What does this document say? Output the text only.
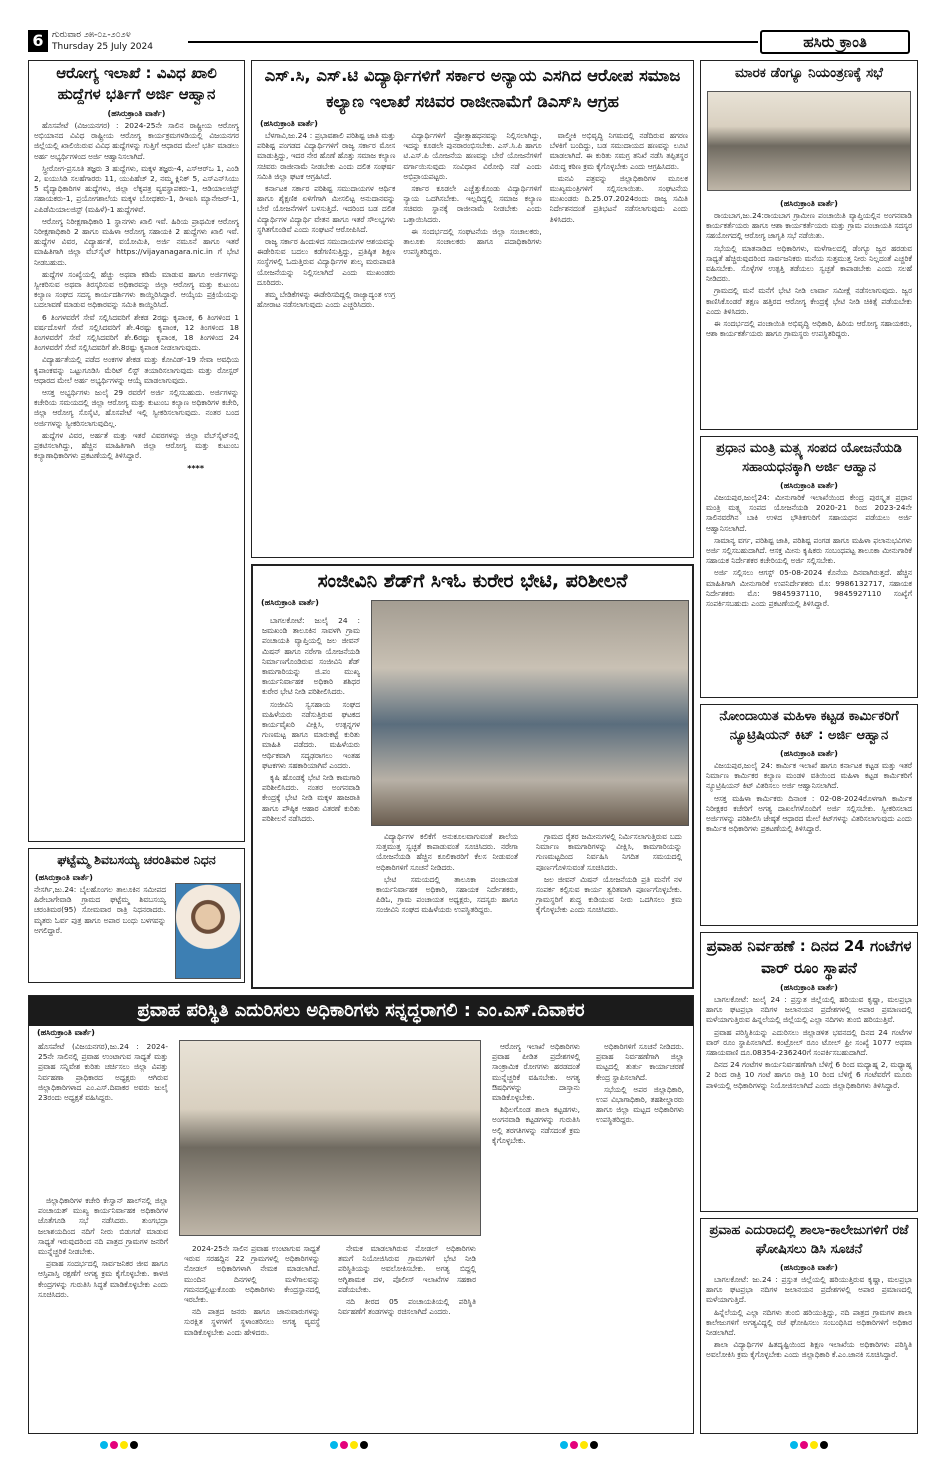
6 ಗುರುವಾರ ೨೫-೦೭-೨೦೨೪
Thursday 25 July 2024	ಹಸಿರು ಕ್ರಾಂತಿ
ಆರೋಗ್ಯ ಇಲಾಖೆ : ವಿವಿಧ ಖಾಲಿ ಹುದ್ದೆಗಳ ಭರ್ತಿಗೆ ಅರ್ಜಿ ಆಹ್ವಾನ
(ಹಸಿರುಕ್ರಾಂತಿ ವಾರ್ತೆ)

ಹೊಸಪೇಟೆ (ವಿಜಯನಗರ) : 2024-25ನೇ ಸಾಲಿನ ರಾಷ್ಟ್ರೀಯ ಆರೋಗ್ಯ ಅಭಿಯಾನದ ವಿವಿಧ ರಾಷ್ಟ್ರೀಯ ಆರೋಗ್ಯ ಕಾರ್ಯಕ್ರಮಗಳಡಿಯಲ್ಲಿ ವಿಜಯನಗರ ಜಿಲ್ಲೆಯಲ್ಲಿ ಖಾಲಿಯಿರುವ ವಿವಿಧ ಹುದ್ದೆಗಳನ್ನು ಗುತ್ತಿಗೆ ಆಧಾರದ ಮೇಲೆ ಭರ್ತಿ ಮಾಡಲು ಅರ್ಹ ಅಭ್ಯರ್ಥಿಗಳಿಂದ ಅರ್ಜಿ ಆಹ್ವಾನಿಸಲಾಗಿದೆ.

ಸ್ತ್ರೀರೋಗ-ಪ್ರಸೂತಿ ತಜ್ಞರು 3 ಹುದ್ದೆಗಳು, ಮಕ್ಕಳ ತಜ್ಞರು-4, ಎಸ್‌ಆರ್‌ಒ 1, ಎಂಡಿ 2, ಐಯುಸಿಡಿ ಸಲಹೆಗಾರರು 11, ಯುಪಿಹೆಚ್ 2, ನಮ್ಮ ಕ್ಲಿನಿಕ್ 5, ಎಸ್‌ಎನ್‌ಸಿಯು 5 ವೈದ್ಯಾಧಿಕಾರಿಗಳ ಹುದ್ದೆಗಳು, ಜಿಲ್ಲಾ ಲೆಕ್ಕಪತ್ರ ವ್ಯವಸ್ಥಾಪಕರು-1, ಆಡಿಯಾಲಜಿಸ್ಟ್ ಸಹಾಯಕರು-1, ಪ್ರಯೋಗಶಾಲೆಯ ಮಕ್ಕಳ ಬೋಧಕರು-1, ಡಿಇಐಸಿ ಮ್ಯಾನೇಜರ್-1, ಎಪಿಡೆಮಿಯಾಲಜಿಸ್ಟ್ (ಮಹಿಳೆ)-1 ಹುದ್ದೆಗಳಿವೆ.

ಆರೋಗ್ಯ ನಿರೀಕ್ಷಣಾಧಿಕಾರಿ 1 ಸ್ಥಾನಗಳು ಖಾಲಿ ಇವೆ. ಹಿರಿಯ ಪ್ರಾಥಮಿಕ ಆರೋಗ್ಯ ನಿರೀಕ್ಷಣಾಧಿಕಾರಿ 2 ಹಾಗೂ ಮಹಿಳಾ ಆರೋಗ್ಯ ಸಹಾಯಕಿ 2 ಹುದ್ದೆಗಳು ಖಾಲಿ ಇವೆ. ಹುದ್ದೆಗಳ ವಿವರ, ವಿದ್ಯಾರ್ಹತೆ, ವಯೋಮಿತಿ, ಅರ್ಜಿ ನಮೂನೆ ಹಾಗೂ ಇತರೆ ಮಾಹಿತಿಗಾಗಿ ಜಿಲ್ಲಾ ವೆಬ್‌ಸೈಟ್ https://vijayanagara.nic.in ಗೆ ಭೇಟಿ ನೀಡಬಹುದು.

ಹುದ್ದೆಗಳ ಸಂಖ್ಯೆಯಲ್ಲಿ ಹೆಚ್ಚು ಅಥವಾ ಕಡಿಮೆ ಮಾಡುವ ಹಾಗೂ ಅರ್ಜಿಗಳನ್ನು ಸ್ವೀಕರಿಸುವ ಅಥವಾ ತಿರಸ್ಕರಿಸುವ ಅಧಿಕಾರವನ್ನು ಜಿಲ್ಲಾ ಆರೋಗ್ಯ ಮತ್ತು ಕುಟುಂಬ ಕಲ್ಯಾಣ ಸಂಘದ ಸದಸ್ಯ ಕಾರ್ಯದರ್ಶಿಗಳು ಕಾಯ್ದಿರಿಸಿದ್ದಾರೆ. ಆಯ್ಕೆಯ ಪ್ರಕ್ರಿಯೆಯನ್ನು ಬದಲಾವಣೆ ಮಾಡುವ ಅಧಿಕಾರವನ್ನು ಸಮಿತಿ ಕಾಯ್ದಿರಿಸಿದೆ.

6 ತಿಂಗಳವರೆಗೆ ಸೇವೆ ಸಲ್ಲಿಸಿದವರಿಗೆ ಶೇಕಡ 2ರಷ್ಟು ಕೃಪಾಂಕ, 6 ತಿಂಗಳಿಂದ 1 ವರ್ಷದೊಳಗೆ ಸೇವೆ ಸಲ್ಲಿಸಿದವರಿಗೆ ಶೇ.4ರಷ್ಟು ಕೃಪಾಂಕ, 12 ತಿಂಗಳಿಂದ 18 ತಿಂಗಳವರೆಗೆ ಸೇವೆ ಸಲ್ಲಿಸಿದವರಿಗೆ ಶೇ.6ರಷ್ಟು ಕೃಪಾಂಕ, 18 ತಿಂಗಳಿಂದ 24 ತಿಂಗಳವರೆಗೆ ಸೇವೆ ಸಲ್ಲಿಸಿದವರಿಗೆ ಶೇ.8ರಷ್ಟು ಕೃಪಾಂಕ ನೀಡಲಾಗುವುದು.

ವಿದ್ಯಾರ್ಹತೆಯಲ್ಲಿ ಪಡೆದ ಅಂಕಗಳ ಶೇಕಡ ಮತ್ತು ಕೋವಿಡ್-19 ಸೇವಾ ಅವಧಿಯ ಕೃಪಾಂಕವನ್ನು ಒಟ್ಟುಗೂಡಿಸಿ ಮೆರಿಟ್ ಲಿಸ್ಟ್ ತಯಾರಿಸಲಾಗುವುದು ಮತ್ತು ರೋಸ್ಟರ್ ಆಧಾರದ ಮೇಲೆ ಅರ್ಹ ಅಭ್ಯರ್ಥಿಗಳನ್ನು ಆಯ್ಕೆ ಮಾಡಲಾಗುವುದು.

ಆಸಕ್ತ ಅಭ್ಯರ್ಥಿಗಳು ಜುಲೈ 29 ರವರೆಗೆ ಅರ್ಜಿ ಸಲ್ಲಿಸಬಹುದು. ಅರ್ಜಿಗಳನ್ನು ಕಚೇರಿಯ ಸಮಯದಲ್ಲಿ ಜಿಲ್ಲಾ ಆರೋಗ್ಯ ಮತ್ತು ಕುಟುಂಬ ಕಲ್ಯಾಣ ಅಧಿಕಾರಿಗಳ ಕಚೇರಿ, ಜಿಲ್ಲಾ ಆರೋಗ್ಯ ಸೊಸೈಟಿ, ಹೊಸಪೇಟೆ ಇಲ್ಲಿ ಸ್ವೀಕರಿಸಲಾಗುವುದು. ನಂತರ ಬಂದ ಅರ್ಜಿಗಳನ್ನು ಸ್ವೀಕರಿಸಲಾಗುವುದಿಲ್ಲ.

ಹುದ್ದೆಗಳ ವಿವರ, ಅರ್ಹತೆ ಮತ್ತು ಇತರೆ ವಿವರಗಳನ್ನು ಜಿಲ್ಲಾ ವೆಬ್‌ಸೈಟ್‌ನಲ್ಲಿ ಪ್ರಕಟಿಸಲಾಗಿದ್ದು, ಹೆಚ್ಚಿನ ಮಾಹಿತಿಗಾಗಿ ಜಿಲ್ಲಾ ಆರೋಗ್ಯ ಮತ್ತು ಕುಟುಂಬ ಕಲ್ಯಾಣಾಧಿಕಾರಿಗಳು ಪ್ರಕಟಣೆಯಲ್ಲಿ ತಿಳಿಸಿದ್ದಾರೆ.

****
ಘಟ್ಟೆಮ್ಮ ಶಿವಬಸಯ್ಯ ಚರಂತಿಮಠ ನಿಧನ
(ಹಸಿರುಕ್ರಾಂತಿ ವಾರ್ತೆ)
ನೇಸರ್ಗಿ,ಜು.24: ಬೈಲಹೊಂಗಲ ತಾಲೂಕಿನ ಸಮೀಪದ ಹಿರೇಬಾಗೇವಾಡಿ ಗ್ರಾಮದ ಘಟ್ಟೆಮ್ಮ ಶಿವಬಸಯ್ಯ ಚರಂತಿಮಠ(95) ಸೋಮವಾರ ರಾತ್ರಿ ನಿಧನರಾದರು. ಮೃತರು ಓರ್ವ ಪುತ್ರ ಹಾಗೂ ಅಪಾರ ಬಂಧು ಬಳಗವನ್ನು ಅಗಲಿದ್ದಾರೆ.
ಎಸ್.ಸಿ, ಎಸ್.ಟಿ ವಿದ್ಯಾರ್ಥಿಗಳಿಗೆ ಸರ್ಕಾರ ಅನ್ಯಾಯ ಎಸಗಿದ ಆರೋಪ ಸಮಾಜ ಕಲ್ಯಾಣ ಇಲಾಖೆ ಸಚಿವರ ರಾಜೀನಾಮೆಗೆ ಡಿಎಸ್‌ಸಿ ಆಗ್ರಹ
(ಹಸಿರುಕ್ರಾಂತಿ ವಾರ್ತೆ)

ಬೆಳಗಾವಿ,ಜು.24 : ಪ್ರಭಾವಶಾಲಿ ಪರಿಶಿಷ್ಟ ಜಾತಿ ಮತ್ತು ಪರಿಶಿಷ್ಟ ಪಂಗಡದ ವಿದ್ಯಾರ್ಥಿಗಳಿಗೆ ರಾಜ್ಯ ಸರ್ಕಾರ ಮೋಸ ಮಾಡುತ್ತಿದ್ದು, ಇದರ ನೇರ ಹೊಣೆ ಹೊತ್ತು ಸಮಾಜ ಕಲ್ಯಾಣ ಸಚಿವರು ರಾಜೀನಾಮೆ ನೀಡಬೇಕು ಎಂದು ದಲಿತ ಸಂಘರ್ಷ ಸಮಿತಿ ಜಿಲ್ಲಾ ಘಟಕ ಆಗ್ರಹಿಸಿದೆ.

ಕರ್ನಾಟಕ ಸರ್ಕಾರ ಪರಿಶಿಷ್ಟ ಸಮುದಾಯಗಳ ಆರ್ಥಿಕ ಹಾಗೂ ಶೈಕ್ಷಣಿಕ ಏಳಿಗೆಗಾಗಿ ಮೀಸಲಿಟ್ಟ ಅನುದಾನವನ್ನು ಬೇರೆ ಯೋಜನೆಗಳಿಗೆ ಬಳಸುತ್ತಿದೆ. ಇದರಿಂದ ಬಡ ದಲಿತ ವಿದ್ಯಾರ್ಥಿಗಳ ವಿದ್ಯಾರ್ಥಿ ವೇತನ ಹಾಗೂ ಇತರೆ ಸೌಲಭ್ಯಗಳು ಸ್ಥಗಿತಗೊಂಡಿವೆ ಎಂದು ಸಂಘಟನೆ ಆರೋಪಿಸಿದೆ.

ರಾಜ್ಯ ಸರ್ಕಾರ ಹಿಂದುಳಿದ ಸಮುದಾಯಗಳ ಆಶಯವನ್ನು ಈಡೇರಿಸುವ ಬದಲು ಕಡೆಗಣಿಸುತ್ತಿದ್ದು, ಪ್ರತಿಷ್ಠಿತ ಶಿಕ್ಷಣ ಸಂಸ್ಥೆಗಳಲ್ಲಿ ಓದುತ್ತಿರುವ ವಿದ್ಯಾರ್ಥಿಗಳ ಶುಲ್ಕ ಮರುಪಾವತಿ ಯೋಜನೆಯನ್ನು ನಿಲ್ಲಿಸಲಾಗಿದೆ ಎಂದು ಮುಖಂಡರು ದೂರಿದರು.

ತಮ್ಮ ಬೇಡಿಕೆಗಳನ್ನು ಈಡೇರಿಸದಿದ್ದಲ್ಲಿ ರಾಜ್ಯಾದ್ಯಂತ ಉಗ್ರ ಹೋರಾಟ ನಡೆಸಲಾಗುವುದು ಎಂದು ಎಚ್ಚರಿಸಿದರು.

ವಿದ್ಯಾರ್ಥಿಗಳಿಗೆ ಪ್ರೋತ್ಸಾಹಧನವನ್ನು ನಿಲ್ಲಿಸಲಾಗಿದ್ದು, ಇದನ್ನು ಕೂಡಲೇ ಪುನರಾರಂಭಿಸಬೇಕು. ಎಸ್.ಸಿ.ಪಿ ಹಾಗೂ ಟಿ.ಎಸ್.ಪಿ ಯೋಜನೆಯ ಹಣವನ್ನು ಬೇರೆ ಯೋಜನೆಗಳಿಗೆ ವರ್ಗಾಯಿಸುವುದು ಸಂವಿಧಾನ ವಿರೋಧಿ ನಡೆ ಎಂದು ಅಭಿಪ್ರಾಯಪಟ್ಟರು.

ಸರ್ಕಾರ ಕೂಡಲೇ ಎಚ್ಚೆತ್ತುಕೊಂಡು ವಿದ್ಯಾರ್ಥಿಗಳಿಗೆ ನ್ಯಾಯ ಒದಗಿಸಬೇಕು. ಇಲ್ಲದಿದ್ದಲ್ಲಿ ಸಮಾಜ ಕಲ್ಯಾಣ ಸಚಿವರು ಸ್ಥಾನಕ್ಕೆ ರಾಜೀನಾಮೆ ನೀಡಬೇಕು ಎಂದು ಒತ್ತಾಯಿಸಿದರು.

ಈ ಸಂದರ್ಭದಲ್ಲಿ ಸಂಘಟನೆಯ ಜಿಲ್ಲಾ ಸಂಚಾಲಕರು, ತಾಲೂಕು ಸಂಚಾಲಕರು ಹಾಗೂ ಪದಾಧಿಕಾರಿಗಳು ಉಪಸ್ಥಿತರಿದ್ದರು.

ವಾಲ್ಮೀಕಿ ಅಭಿವೃದ್ಧಿ ನಿಗಮದಲ್ಲಿ ನಡೆದಿರುವ ಹಗರಣ ಬೆಳಕಿಗೆ ಬಂದಿದ್ದು, ಬಡ ಸಮುದಾಯದ ಹಣವನ್ನು ಲೂಟಿ ಮಾಡಲಾಗಿದೆ. ಈ ಕುರಿತು ಸಮಗ್ರ ತನಿಖೆ ನಡೆಸಿ ತಪ್ಪಿತಸ್ಥರ ವಿರುದ್ಧ ಕಠಿಣ ಕ್ರಮ ಕೈಗೊಳ್ಳಬೇಕು ಎಂದು ಆಗ್ರಹಿಸಿದರು.

ಮನವಿ ಪತ್ರವನ್ನು ಜಿಲ್ಲಾಧಿಕಾರಿಗಳ ಮೂಲಕ ಮುಖ್ಯಮಂತ್ರಿಗಳಿಗೆ ಸಲ್ಲಿಸಲಾಯಿತು. ಸಂಘಟನೆಯ ಮುಖಂಡರು ದಿ.25.07.2024ರಂದು ರಾಜ್ಯ ಸಮಿತಿ ನಿರ್ದೇಶನದಂತೆ ಪ್ರತಿಭಟನೆ ನಡೆಸಲಾಗುವುದು ಎಂದು ತಿಳಿಸಿದರು.

ಸಂಜೀವಿನಿ ಶೆಡ್‌ಗೆ ಸಿಇಓ ಕುರೇರ ಭೇಟಿ, ಪರಿಶೀಲನೆ
(ಹಸಿರುಕ್ರಾಂತಿ ವಾರ್ತೆ)

ಬಾಗಲಕೋಟೆ: ಜುಲೈ 24 : ಜಮಖಂಡಿ ತಾಲೂಕಿನ ಸಾವಳಗಿ ಗ್ರಾಮ ಪಂಚಾಯತಿ ವ್ಯಾಪ್ತಿಯಲ್ಲಿ ಜಲ ಜೀವನ್ ಮಿಷನ್ ಹಾಗೂ ನರೇಗಾ ಯೋಜನೆಯಡಿ ನಿರ್ಮಾಣಗೊಂಡಿರುವ ಸಂಜೀವಿನಿ ಶೆಡ್ ಕಾಮಗಾರಿಯನ್ನು ಜಿ.ಪಂ ಮುಖ್ಯ ಕಾರ್ಯನಿರ್ವಾಹಕ ಅಧಿಕಾರಿ ಶಶಿಧರ ಕುರೇರ ಭೇಟಿ ನೀಡಿ ಪರಿಶೀಲಿಸಿದರು.

ಸಂಜೀವಿನಿ ಸ್ವಸಹಾಯ ಸಂಘದ ಮಹಿಳೆಯರು ನಡೆಸುತ್ತಿರುವ ಘಟಕದ ಕಾರ್ಯವೈಖರಿ ವೀಕ್ಷಿಸಿ, ಉತ್ಪನ್ನಗಳ ಗುಣಮಟ್ಟ ಹಾಗೂ ಮಾರುಕಟ್ಟೆ ಕುರಿತು ಮಾಹಿತಿ ಪಡೆದರು. ಮಹಿಳೆಯರು ಆರ್ಥಿಕವಾಗಿ ಸದೃಢರಾಗಲು ಇಂತಹ ಘಟಕಗಳು ಸಹಕಾರಿಯಾಗಿವೆ ಎಂದರು.

ಕೃಷಿ ಹೊಂಡಕ್ಕೆ ಭೇಟಿ ನೀಡಿ ಕಾಮಗಾರಿ ಪರಿಶೀಲಿಸಿದರು. ನಂತರ ಅಂಗನವಾಡಿ ಕೇಂದ್ರಕ್ಕೆ ಭೇಟಿ ನೀಡಿ ಮಕ್ಕಳ ಹಾಜರಾತಿ ಹಾಗೂ ಪೌಷ್ಠಿಕ ಆಹಾರ ವಿತರಣೆ ಕುರಿತು ಪರಿಶೀಲನೆ ನಡೆಸಿದರು.

ವಿದ್ಯಾರ್ಥಿಗಳ ಕಲಿಕೆಗೆ ಅನುಕೂಲವಾಗುವಂತೆ ಶಾಲೆಯ ಸುತ್ತಮುತ್ತ ಸ್ವಚ್ಛತೆ ಕಾಪಾಡುವಂತೆ ಸೂಚಿಸಿದರು. ನರೇಗಾ ಯೋಜನೆಯಡಿ ಹೆಚ್ಚಿನ ಕೂಲಿಕಾರರಿಗೆ ಕೆಲಸ ನೀಡುವಂತೆ ಅಧಿಕಾರಿಗಳಿಗೆ ಸೂಚನೆ ನೀಡಿದರು.

ಭೇಟಿ ಸಮಯದಲ್ಲಿ ತಾಲೂಕಾ ಪಂಚಾಯತ ಕಾರ್ಯನಿರ್ವಾಹಕ ಅಧಿಕಾರಿ, ಸಹಾಯಕ ನಿರ್ದೇಶಕರು, ಪಿಡಿಓ, ಗ್ರಾಮ ಪಂಚಾಯತ ಅಧ್ಯಕ್ಷರು, ಸದಸ್ಯರು ಹಾಗೂ ಸಂಜೀವಿನಿ ಸಂಘದ ಮಹಿಳೆಯರು ಉಪಸ್ಥಿತರಿದ್ದರು.

ಗ್ರಾಮದ ರೈತರ ಜಮೀನುಗಳಲ್ಲಿ ನಿರ್ಮಿಸಲಾಗುತ್ತಿರುವ ಬದು ನಿರ್ಮಾಣ ಕಾಮಗಾರಿಗಳನ್ನು ವೀಕ್ಷಿಸಿ, ಕಾಮಗಾರಿಯನ್ನು ಗುಣಮಟ್ಟದಿಂದ ನಿರ್ವಹಿಸಿ ನಿಗದಿತ ಸಮಯದಲ್ಲಿ ಪೂರ್ಣಗೊಳಿಸುವಂತೆ ಸೂಚಿಸಿದರು.

ಜಲ ಜೀವನ್ ಮಿಷನ್ ಯೋಜನೆಯಡಿ ಪ್ರತಿ ಮನೆಗೆ ನಳ ಸಂಪರ್ಕ ಕಲ್ಪಿಸುವ ಕಾರ್ಯ ತ್ವರಿತವಾಗಿ ಪೂರ್ಣಗೊಳ್ಳಬೇಕು. ಗ್ರಾಮಸ್ಥರಿಗೆ ಶುದ್ಧ ಕುಡಿಯುವ ನೀರು ಒದಗಿಸಲು ಕ್ರಮ ಕೈಗೊಳ್ಳಬೇಕು ಎಂದು ಸೂಚಿಸಿದರು.

ಮಾರಕ ಡೆಂಗ್ಯೂ ನಿಯಂತ್ರಣಕ್ಕೆ ಸಭೆ
(ಹಸಿರುಕ್ರಾಂತಿ ವಾರ್ತೆ)

ರಾಯಬಾಗ,ಜು.24:ರಾಯಬಾಗ ಗ್ರಾಮೀಣ ಪಂಚಾಯಿತಿ ವ್ಯಾಪ್ತಿಯಲ್ಲಿನ ಅಂಗನವಾಡಿ ಕಾರ್ಯಕರ್ತೆಯರು ಹಾಗೂ ಆಶಾ ಕಾರ್ಯಕರ್ತೆಯರು ಮತ್ತು ಗ್ರಾಮ ಪಂಚಾಯತಿ ಸದಸ್ಯರ ಸಹಯೋಗದಲ್ಲಿ ಆರೋಗ್ಯ ಜಾಗೃತಿ ಸಭೆ ನಡೆಯಿತು.

ಸಭೆಯಲ್ಲಿ ಮಾತನಾಡಿದ ಅಧಿಕಾರಿಗಳು, ಮಳೆಗಾಲದಲ್ಲಿ ಡೆಂಗ್ಯೂ ಜ್ವರ ಹರಡುವ ಸಾಧ್ಯತೆ ಹೆಚ್ಚಿರುವುದರಿಂದ ಸಾರ್ವಜನಿಕರು ಮನೆಯ ಸುತ್ತಮುತ್ತ ನೀರು ನಿಲ್ಲದಂತೆ ಎಚ್ಚರಿಕೆ ವಹಿಸಬೇಕು. ಸೊಳ್ಳೆಗಳ ಉತ್ಪತ್ತಿ ತಡೆಯಲು ಸ್ವಚ್ಛತೆ ಕಾಪಾಡಬೇಕು ಎಂದು ಸಲಹೆ ನೀಡಿದರು.

ಗ್ರಾಮದಲ್ಲಿ ಮನೆ ಮನೆಗೆ ಭೇಟಿ ನೀಡಿ ಲಾರ್ವಾ ಸಮೀಕ್ಷೆ ನಡೆಸಲಾಗುವುದು. ಜ್ವರ ಕಾಣಿಸಿಕೊಂಡರೆ ತಕ್ಷಣ ಹತ್ತಿರದ ಆರೋಗ್ಯ ಕೇಂದ್ರಕ್ಕೆ ಭೇಟಿ ನೀಡಿ ಚಿಕಿತ್ಸೆ ಪಡೆಯಬೇಕು ಎಂದು ತಿಳಿಸಿದರು.

ಈ ಸಂದರ್ಭದಲ್ಲಿ ಪಂಚಾಯಿತಿ ಅಭಿವೃದ್ಧಿ ಅಧಿಕಾರಿ, ಹಿರಿಯ ಆರೋಗ್ಯ ಸಹಾಯಕರು, ಆಶಾ ಕಾರ್ಯಕರ್ತೆಯರು ಹಾಗೂ ಗ್ರಾಮಸ್ಥರು ಉಪಸ್ಥಿತರಿದ್ದರು.

ಪ್ರಧಾನ ಮಂತ್ರಿ ಮತ್ಸ್ಯ ಸಂಪದ ಯೋಜನೆಯಡಿ ಸಹಾಯಧನಕ್ಕಾಗಿ ಅರ್ಜಿ ಆಹ್ವಾನ
(ಹಸಿರುಕ್ರಾಂತಿ ವಾರ್ತೆ)

ವಿಜಯಪುರ,ಜುಲೈ24: ಮೀನುಗಾರಿಕೆ ಇಲಾಖೆಯಿಂದ ಕೇಂದ್ರ ಪುರಸ್ಕೃತ ಪ್ರಧಾನ ಮಂತ್ರಿ ಮತ್ಸ್ಯ ಸಂಪದ ಯೋಜನೆಯಡಿ 2020-21 ರಿಂದ 2023-24ನೇ ಸಾಲಿನವರೆಗಿನ ಬಾಕಿ ಉಳಿದ ಭೌತಿಕಗುರಿಗೆ ಸಹಾಯಧನ ಪಡೆಯಲು ಅರ್ಜಿ ಆಹ್ವಾನಿಸಲಾಗಿದೆ.

ಸಾಮಾನ್ಯ ವರ್ಗ, ಪರಿಶಿಷ್ಟ ಜಾತಿ, ಪರಿಶಿಷ್ಟ ಪಂಗಡ ಹಾಗೂ ಮಹಿಳಾ ಫಲಾನುಭವಿಗಳು ಅರ್ಜಿ ಸಲ್ಲಿಸಬಹುದಾಗಿದೆ. ಆಸಕ್ತ ಮೀನು ಕೃಷಿಕರು ಸಂಬಂಧಪಟ್ಟ ತಾಲೂಕಾ ಮೀನುಗಾರಿಕೆ ಸಹಾಯಕ ನಿರ್ದೇಶಕರ ಕಚೇರಿಯಲ್ಲಿ ಅರ್ಜಿ ಸಲ್ಲಿಸಬೇಕು.

ಅರ್ಜಿ ಸಲ್ಲಿಸಲು ಆಗಸ್ಟ್ 05-08-2024 ಕೊನೆಯ ದಿನವಾಗಿರುತ್ತದೆ. ಹೆಚ್ಚಿನ ಮಾಹಿತಿಗಾಗಿ ಮೀನುಗಾರಿಕೆ ಉಪನಿರ್ದೇಶಕರು ಮೊ: 9986132717, ಸಹಾಯಕ ನಿರ್ದೇಶಕರು ಮೊ: 9845937110, 9845927110 ಸಂಖ್ಯೆಗೆ ಸಂಪರ್ಕಿಸಬಹುದು ಎಂದು ಪ್ರಕಟಣೆಯಲ್ಲಿ ತಿಳಿಸಿದ್ದಾರೆ.

ನೋಂದಾಯಿತ ಮಹಿಳಾ ಕಟ್ಟಡ ಕಾರ್ಮಿಕರಿಗೆ ನ್ಯೂಟ್ರಿಷಿಯನ್ ಕಿಟ್ : ಅರ್ಜಿ ಆಹ್ವಾನ
(ಹಸಿರುಕ್ರಾಂತಿ ವಾರ್ತೆ)

ವಿಜಯಪುರ,ಜುಲೈ 24: ಕಾರ್ಮಿಕ ಇಲಾಖೆ ಹಾಗೂ ಕರ್ನಾಟಕ ಕಟ್ಟಡ ಮತ್ತು ಇತರೆ ನಿರ್ಮಾಣ ಕಾರ್ಮಿಕರ ಕಲ್ಯಾಣ ಮಂಡಳಿ ವತಿಯಿಂದ ಮಹಿಳಾ ಕಟ್ಟಡ ಕಾರ್ಮಿಕರಿಗೆ ನ್ಯೂಟ್ರಿಷಿಯನ್ ಕಿಟ್ ವಿತರಿಸಲು ಅರ್ಜಿ ಆಹ್ವಾನಿಸಲಾಗಿದೆ.

ಆಸಕ್ತ ಮಹಿಳಾ ಕಾರ್ಮಿಕರು ದಿನಾಂಕ : 02-08-2024ರೊಳಗಾಗಿ ಕಾರ್ಮಿಕ ನಿರೀಕ್ಷಕರ ಕಚೇರಿಗೆ ಅಗತ್ಯ ದಾಖಲೆಗಳೊಂದಿಗೆ ಅರ್ಜಿ ಸಲ್ಲಿಸಬೇಕು. ಸ್ವೀಕರಿಸಲಾದ ಅರ್ಜಿಗಳನ್ನು ಪರಿಶೀಲಿಸಿ ಜೇಷ್ಠತೆ ಆಧಾರದ ಮೇಲೆ ಕಿಟ್‌ಗಳನ್ನು ವಿತರಿಸಲಾಗುವುದು ಎಂದು ಕಾರ್ಮಿಕ ಅಧಿಕಾರಿಗಳು ಪ್ರಕಟಣೆಯಲ್ಲಿ ತಿಳಿಸಿದ್ದಾರೆ.

ಪ್ರವಾಹ ನಿರ್ವಹಣೆ : ದಿನದ 24 ಗಂಟೆಗಳ ವಾರ್ ರೂಂ ಸ್ಥಾಪನೆ
(ಹಸಿರುಕ್ರಾಂತಿ ವಾರ್ತೆ)

ಬಾಗಲಕೋಟೆ: ಜುಲೈ 24 : ಪ್ರಸ್ತುತ ಜಿಲ್ಲೆಯಲ್ಲಿ ಹರಿಯುವ ಕೃಷ್ಣಾ, ಮಲಪ್ರಭಾ ಹಾಗೂ ಘಟಪ್ರಭಾ ನದಿಗಳ ಜಲಾನಯನ ಪ್ರದೇಶಗಳಲ್ಲಿ ಅಪಾರ ಪ್ರಮಾಣದಲ್ಲಿ ಮಳೆಯಾಗುತ್ತಿರುವ ಹಿನ್ನಲೆಯಲ್ಲಿ ಜಿಲ್ಲೆಯಲ್ಲಿ ಎಲ್ಲಾ ನದಿಗಳು ತುಂಬಿ ಹರಿಯುತ್ತಿವೆ.

ಪ್ರವಾಹ ಪರಿಸ್ಥಿತಿಯನ್ನು ಎದುರಿಸಲು ಜಿಲ್ಲಾಡಳಿತ ಭವನದಲ್ಲಿ ದಿನದ 24 ಗಂಟೆಗಳ ವಾರ್ ರೂಂ ಸ್ಥಾಪಿಸಲಾಗಿದೆ. ಕಂಟ್ರೋಲ್ ರೂಂ ಟೋಲ್ ಫ್ರೀ ಸಂಖ್ಯೆ 1077 ಅಥವಾ ಸಹಾಯವಾಣಿ ದೂ.08354-236240ಗೆ ಸಂಪರ್ಕಿಸಬಹುದಾಗಿದೆ.

ದಿನದ 24 ಗಂಟೆಗಳ ಕಾರ್ಯನಿರ್ವಹಣೆಗಾಗಿ ಬೆಳಿಗ್ಗೆ 6 ರಿಂದ ಮಧ್ಯಾಹ್ನ 2, ಮಧ್ಯಾಹ್ನ 2 ರಿಂದ ರಾತ್ರಿ 10 ಗಂಟೆ ಹಾಗೂ ರಾತ್ರಿ 10 ರಿಂದ ಬೆಳಿಗ್ಗೆ 6 ಗಂಟೆವರೆಗೆ ಮೂರು ಪಾಳಿಯಲ್ಲಿ ಅಧಿಕಾರಿಗಳನ್ನು ನಿಯೋಜಿಸಲಾಗಿದೆ ಎಂದು ಜಿಲ್ಲಾಧಿಕಾರಿಗಳು ತಿಳಿಸಿದ್ದಾರೆ.

ಪ್ರವಾಹ ಎದುರಾದಲ್ಲಿ ಶಾಲಾ-ಕಾಲೇಜುಗಳಿಗೆ ರಜೆ ಘೋಷಿಸಲು ಡಿಸಿ ಸೂಚನೆ
(ಹಸಿರುಕ್ರಾಂತಿ ವಾರ್ತೆ)

ಬಾಗಲಕೋಟೆ: ಜು.24 : ಪ್ರಸ್ತುತ ಜಿಲ್ಲೆಯಲ್ಲಿ ಹರಿಯುತ್ತಿರುವ ಕೃಷ್ಣಾ, ಮಲಪ್ರಭಾ ಹಾಗೂ ಘಟಪ್ರಭಾ ನದಿಗಳ ಜಲಾನಯನ ಪ್ರದೇಶಗಳಲ್ಲಿ ಅಪಾರ ಪ್ರಮಾಣದಲ್ಲಿ ಮಳೆಯಾಗುತ್ತಿದೆ.

ಹಿನ್ನೆಲೆಯಲ್ಲಿ ಎಲ್ಲಾ ನದಿಗಳು ತುಂಬಿ ಹರಿಯುತ್ತಿದ್ದು, ನದಿ ಪಾತ್ರದ ಗ್ರಾಮಗಳ ಶಾಲಾ ಕಾಲೇಜುಗಳಿಗೆ ಅಗತ್ಯವಿದ್ದಲ್ಲಿ ರಜೆ ಘೋಷಿಸಲು ಸಂಬಂಧಿಸಿದ ಅಧಿಕಾರಿಗಳಿಗೆ ಅಧಿಕಾರ ನೀಡಲಾಗಿದೆ.

ಶಾಲಾ ವಿದ್ಯಾರ್ಥಿಗಳ ಹಿತದೃಷ್ಟಿಯಿಂದ ಶಿಕ್ಷಣ ಇಲಾಖೆಯ ಅಧಿಕಾರಿಗಳು ಪರಿಸ್ಥಿತಿ ಅವಲೋಕಿಸಿ ಕ್ರಮ ಕೈಗೊಳ್ಳಬೇಕು ಎಂದು ಜಿಲ್ಲಾಧಿಕಾರಿ ಕೆ.ಎಂ.ಜಾನಕಿ ಸೂಚಿಸಿದ್ದಾರೆ.

ಪ್ರವಾಹ ಪರಿಸ್ಥಿತಿ ಎದುರಿಸಲು ಅಧಿಕಾರಿಗಳು ಸನ್ನದ್ಧರಾಗಲಿ : ಎಂ.ಎಸ್.ದಿವಾಕರ
(ಹಸಿರುಕ್ರಾಂತಿ ವಾರ್ತೆ)
ಹೊಸಪೇಟೆ (ವಿಜಯನಗರ),ಜು.24 : 2024-25ನೇ ಸಾಲಿನಲ್ಲಿ ಪ್ರವಾಹ ಉಂಟಾಗುವ ಸಾಧ್ಯತೆ ಮತ್ತು ಪ್ರವಾಹ ಸನ್ನಿವೇಶ ಕುರಿತು ಚರ್ಚಿಸಲು ಜಿಲ್ಲಾ ವಿಪತ್ತು ನಿರ್ವಹಣಾ ಪ್ರಾಧಿಕಾರದ ಅಧ್ಯಕ್ಷರು ಆಗಿರುವ ಜಿಲ್ಲಾಧಿಕಾರಿಗಳಾದ ಎಂ.ಎಸ್.ದಿವಾಕರ ಅವರು ಜುಲೈ 23ರಂದು ಅಧ್ಯಕ್ಷತೆ ವಹಿಸಿದ್ದರು.

ಜಿಲ್ಲಾಧಿಕಾರಿಗಳ ಕಚೇರಿ ಕೇಸ್ವಾನ್ ಹಾಲ್‌ನಲ್ಲಿ ಜಿಲ್ಲಾ ಪಂಚಾಯತ್ ಮುಖ್ಯ ಕಾರ್ಯನಿರ್ವಾಹಕ ಅಧಿಕಾರಿಗಳ ಜೊತೆಗೂಡಿ ಸಭೆ ನಡೆಸಿದರು. ತುಂಗಭದ್ರಾ ಜಲಾಶಯದಿಂದ ನದಿಗೆ ನೀರು ಬಿಡುಗಡೆ ಮಾಡುವ ಸಾಧ್ಯತೆ ಇರುವುದರಿಂದ ನದಿ ಪಾತ್ರದ ಗ್ರಾಮಗಳ ಜನರಿಗೆ ಮುನ್ನೆಚ್ಚರಿಕೆ ನೀಡಬೇಕು.

ಪ್ರವಾಹ ಸಂದರ್ಭದಲ್ಲಿ ಸಾರ್ವಜನಿಕರ ಜೀವ ಹಾಗೂ ಆಸ್ತಿಪಾಸ್ತಿ ರಕ್ಷಣೆಗೆ ಅಗತ್ಯ ಕ್ರಮ ಕೈಗೊಳ್ಳಬೇಕು. ಕಾಳಜಿ ಕೇಂದ್ರಗಳನ್ನು ಗುರುತಿಸಿ ಸಿದ್ಧತೆ ಮಾಡಿಕೊಳ್ಳಬೇಕು ಎಂದು ಸೂಚಿಸಿದರು.

2024-25ನೇ ಸಾಲಿನ ಪ್ರವಾಹ ಉಂಟಾಗುವ ಸಾಧ್ಯತೆ ಇರುವ ಸರಹದ್ದಿನ 22 ಗ್ರಾಮಗಳಲ್ಲಿ ಅಧಿಕಾರಿಗಳನ್ನು ನೋಡಲ್ ಅಧಿಕಾರಿಗಳಾಗಿ ನೇಮಕ ಮಾಡಲಾಗಿದೆ. ಮುಂದಿನ ದಿನಗಳಲ್ಲಿ ಮಳೆಗಾಲವನ್ನು ಗಮನದಲ್ಲಿಟ್ಟುಕೊಂಡು ಅಧಿಕಾರಿಗಳು ಕೇಂದ್ರಸ್ಥಾನದಲ್ಲಿ ಇರಬೇಕು.

ನದಿ ಪಾತ್ರದ ಜನರು ಹಾಗೂ ಜಾನುವಾರುಗಳನ್ನು ಸುರಕ್ಷಿತ ಸ್ಥಳಗಳಿಗೆ ಸ್ಥಳಾಂತರಿಸಲು ಅಗತ್ಯ ವ್ಯವಸ್ಥೆ ಮಾಡಿಕೊಳ್ಳಬೇಕು ಎಂದು ಹೇಳಿದರು.

ನೇಮಕ ಮಾಡಲಾಗಿರುವ ನೋಡಲ್ ಅಧಿಕಾರಿಗಳು ತಮಗೆ ನಿಯೋಜಿಸಿರುವ ಗ್ರಾಮಗಳಿಗೆ ಭೇಟಿ ನೀಡಿ ಪರಿಸ್ಥಿತಿಯನ್ನು ಅವಲೋಕಿಸಬೇಕು. ಅಗತ್ಯ ಬಿದ್ದಲ್ಲಿ ಅಗ್ನಿಶಾಮಕ ದಳ, ಪೊಲೀಸ್ ಇಲಾಖೆಗಳ ಸಹಕಾರ ಪಡೆಯಬೇಕು.

ನದಿ ತೀರದ 05 ಪಂಚಾಯತಿಯಲ್ಲಿ ಪರಿಸ್ಥಿತಿ ನಿರ್ವಹಣೆಗೆ ತಂಡಗಳನ್ನು ರಚಿಸಲಾಗಿದೆ ಎಂದರು.

ಆರೋಗ್ಯ ಇಲಾಖೆ ಅಧಿಕಾರಿಗಳು ಪ್ರವಾಹ ಪೀಡಿತ ಪ್ರದೇಶಗಳಲ್ಲಿ ಸಾಂಕ್ರಾಮಿಕ ರೋಗಗಳು ಹರಡದಂತೆ ಮುನ್ನೆಚ್ಚರಿಕೆ ವಹಿಸಬೇಕು. ಅಗತ್ಯ ಔಷಧಿಗಳನ್ನು ದಾಸ್ತಾನು ಮಾಡಿಕೊಳ್ಳಬೇಕು.

ಶಿಥಿಲಗೊಂಡ ಶಾಲಾ ಕಟ್ಟಡಗಳು, ಅಂಗನವಾಡಿ ಕಟ್ಟಡಗಳನ್ನು ಗುರುತಿಸಿ ಅಲ್ಲಿ ತರಗತಿಗಳನ್ನು ನಡೆಸದಂತೆ ಕ್ರಮ ಕೈಗೊಳ್ಳಬೇಕು.

ಅಧಿಕಾರಿಗಳಿಗೆ ಸೂಚನೆ ನೀಡಿದರು. ಪ್ರವಾಹ ನಿರ್ವಹಣೆಗಾಗಿ ಜಿಲ್ಲಾ ಮಟ್ಟದಲ್ಲಿ ತುರ್ತು ಕಾರ್ಯಾಚರಣೆ ಕೇಂದ್ರ ಸ್ಥಾಪಿಸಲಾಗಿದೆ.

ಸಭೆಯಲ್ಲಿ ಅಪರ ಜಿಲ್ಲಾಧಿಕಾರಿ, ಉಪ ವಿಭಾಗಾಧಿಕಾರಿ, ತಹಶೀಲ್ದಾರರು ಹಾಗೂ ಜಿಲ್ಲಾ ಮಟ್ಟದ ಅಧಿಕಾರಿಗಳು ಉಪಸ್ಥಿತರಿದ್ದರು.
